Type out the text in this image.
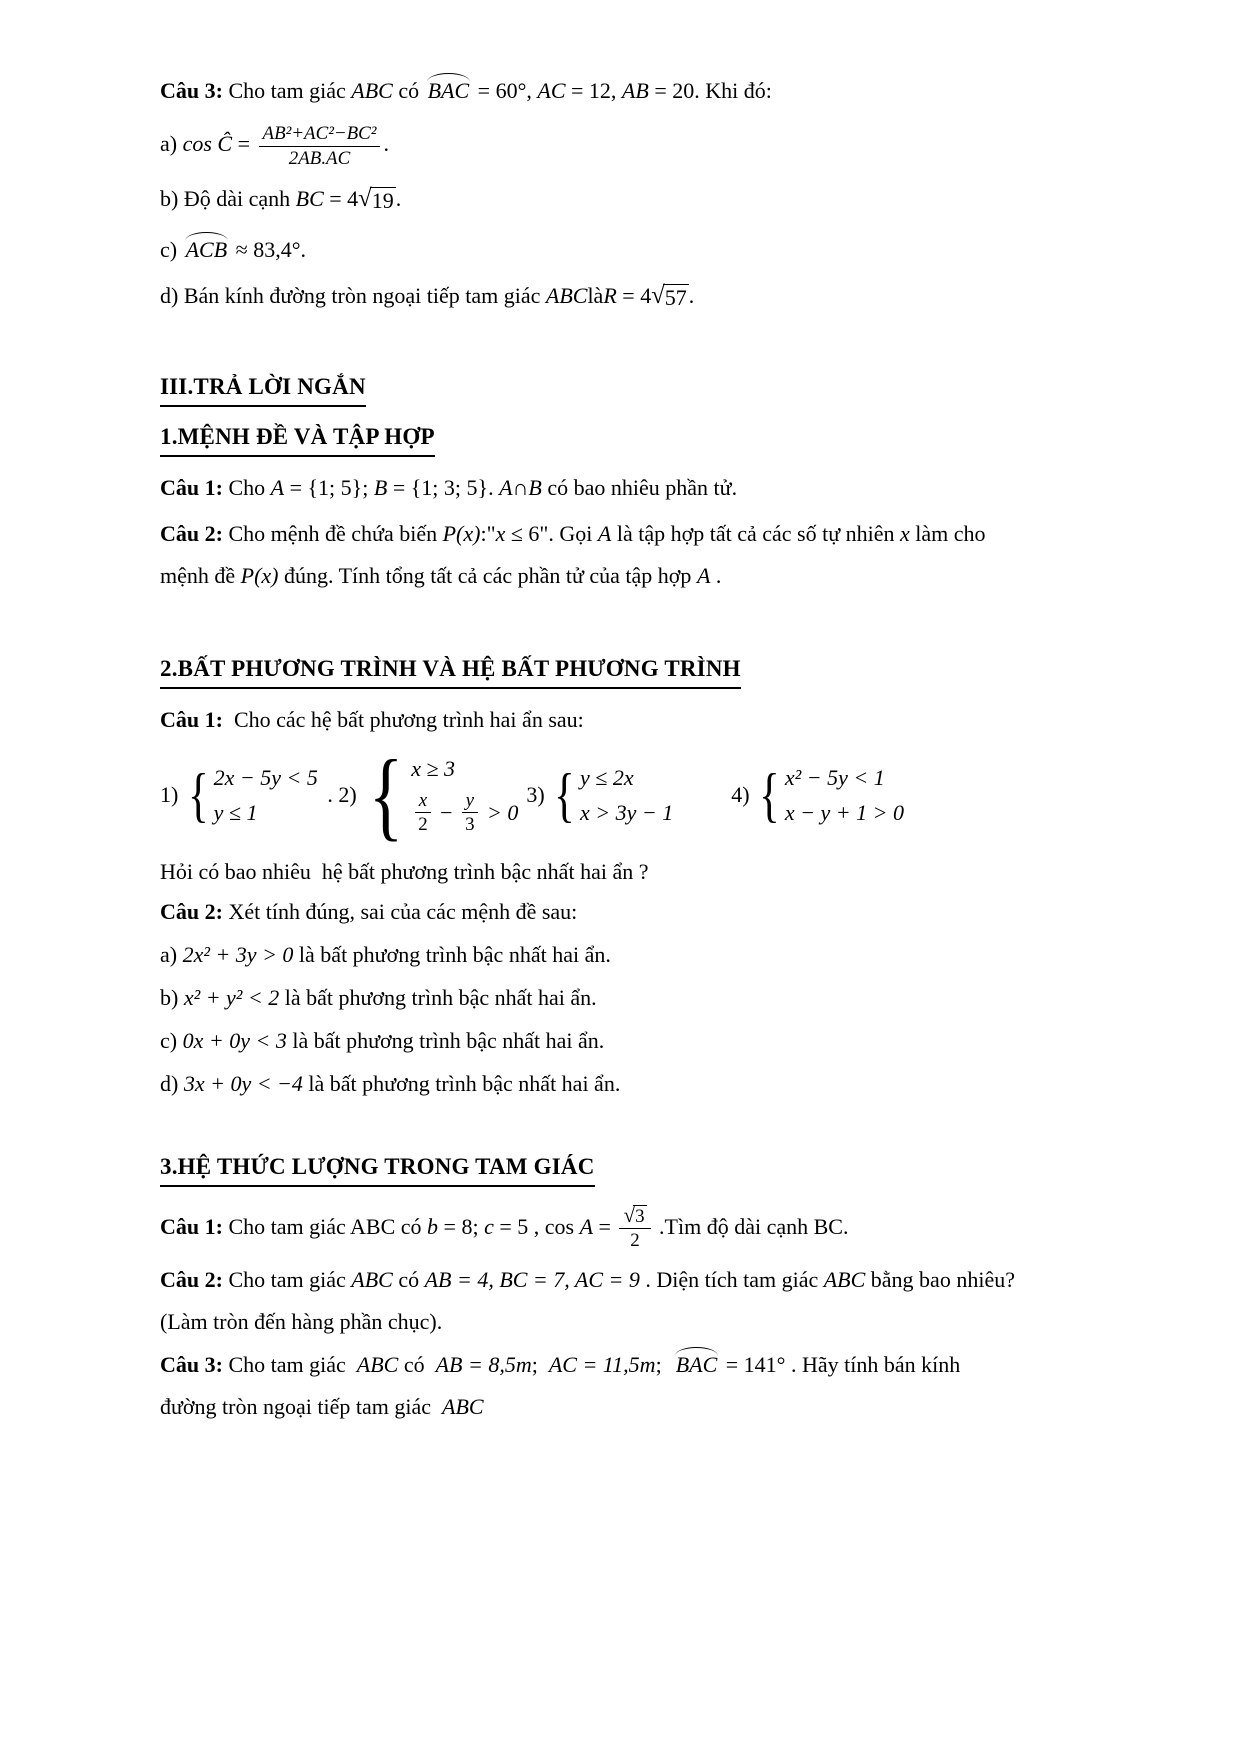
Câu 3: Cho tam giác ABC có BAC = 60°, AC = 12, AB = 20. Khi đó:
a) cos Ĉ = $\frac{\text{AB²+AC²−BC²}}{2AB.AC}$ .
b) Độ dài cạnh BC = 4 √ 19 .
c) ACB ≈ 83,4°.
d) Bán kính đường tròn ngoại tiếp tam giác ABClàR = 4 √ 57 .
III.TRẢ LỜI NGẮN
1.MỆNH ĐỀ VÀ TẬP HỢP
Câu 1: Cho A = {1; 5}; B = {1; 3; 5}. A∩B có bao nhiêu phần tử.
Câu 2: Cho mệnh đề chứa biến P(x):"x ≤ 6". Gọi A là tập hợp tất cả các số tự nhiên x làm cho
mệnh đề P(x) đúng. Tính tổng tất cả các phần tử của tập hợp A .
2.BẤT PHƯƠNG TRÌNH VÀ HỆ BẤT PHƯƠNG TRÌNH
Câu 1:  Cho các hệ bất phương trình hai ẩn sau:
1) { 2x − 5y < 5
y ≤ 1
. 2) { x ≥ 3
$\frac{x}{2} - \frac{y}{3} > 0$
3) { y ≤ 2x
x > 3y − 1
4) { x² − 5y < 1
x − y + 1 > 0
Hỏi có bao nhiêu  hệ bất phương trình bậc nhất hai ẩn ?
Câu 2: Xét tính đúng, sai của các mệnh đề sau:
a) 2x² + 3y > 0 là bất phương trình bậc nhất hai ẩn.
b) x² + y² < 2 là bất phương trình bậc nhất hai ẩn.
c) 0x + 0y < 3 là bất phương trình bậc nhất hai ẩn.
d) 3x + 0y < −4 là bất phương trình bậc nhất hai ẩn.
3.HỆ THỨC LƯỢNG TRONG TAM GIÁC
Câu 1: Cho tam giác ABC có b = 8; c = 5 , $\cos A = \frac{√ 3}{2}$ .Tìm độ dài cạnh BC.
Câu 2: Cho tam giác ABC có AB = 4, BC = 7, AC = 9 . Diện tích tam giác ABC bằng bao nhiêu?
(Làm tròn đến hàng phần chục).
Câu 3: Cho tam giác  ABC có  AB = 8,5m;  AC = 11,5m;  BAC = 141° . Hãy tính bán kính
đường tròn ngoại tiếp tam giác  ABC
